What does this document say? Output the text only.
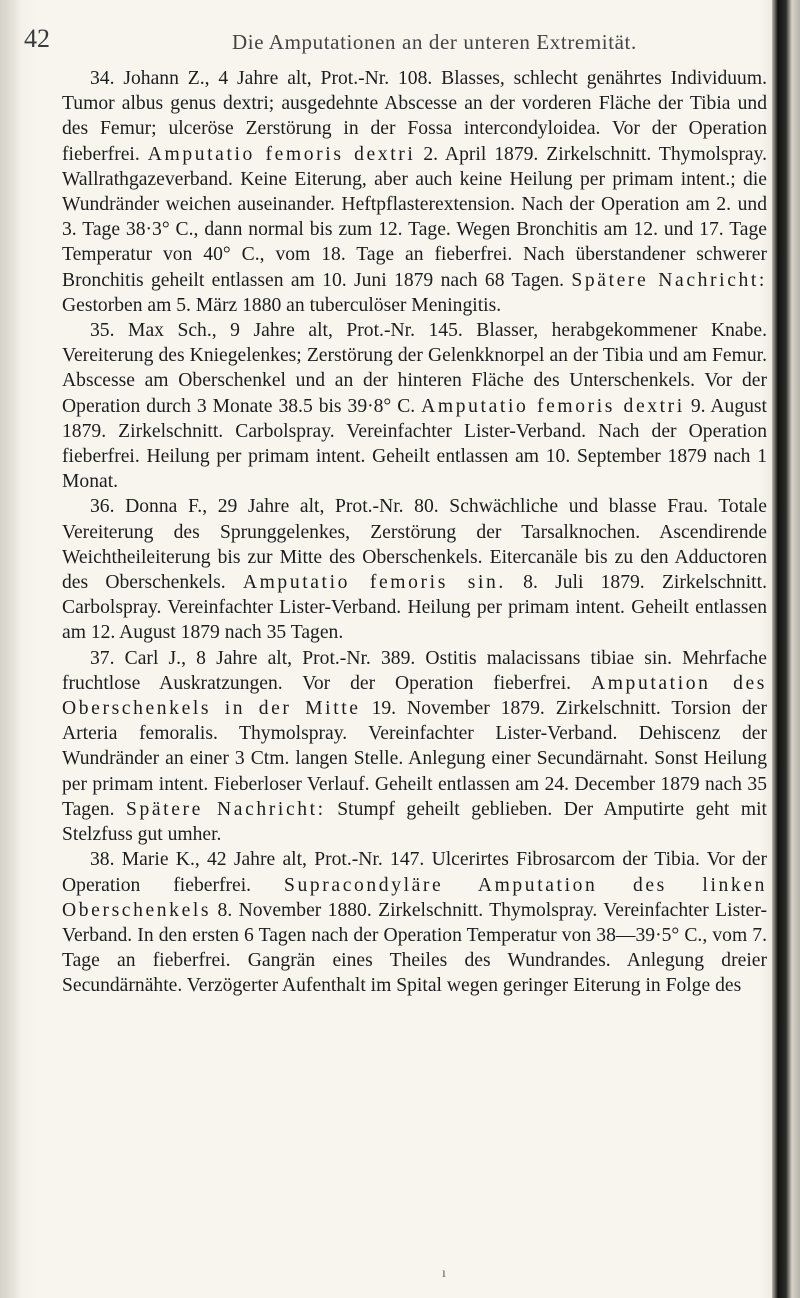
42	Die Amputationen an der unteren Extremität.

34. Johann Z., 4 Jahre alt, Prot.-Nr. 108. Blasses, schlecht genährtes Individuum. Tumor albus genus dextri; ausgedehnte Abscesse an der vorderen Fläche der Tibia und des Femur; ulceröse Zerstörung in der Fossa intercondyloidea. Vor der Operation fieberfrei. Amputatio femoris dextri 2. April 1879. Zirkelschnitt. Thymolspray. Wallrathgazeverband. Keine Eiterung, aber auch keine Heilung per primam intent.; die Wundränder weichen auseinander. Heftpflasterextension. Nach der Operation am 2. und 3. Tage 38·3° C., dann normal bis zum 12. Tage. Wegen Bronchitis am 12. und 17. Tage Temperatur von 40° C., vom 18. Tage an fieberfrei. Nach überstandener schwerer Bronchitis geheilt entlassen am 10. Juni 1879 nach 68 Tagen. Spätere Nachricht: Gestorben am 5. März 1880 an tuberculöser Meningitis.

35. Max Sch., 9 Jahre alt, Prot.-Nr. 145. Blasser, herabgekommener Knabe. Vereiterung des Kniegelenkes; Zerstörung der Gelenkknorpel an der Tibia und am Femur. Abscesse am Oberschenkel und an der hinteren Fläche des Unterschenkels. Vor der Operation durch 3 Monate 38.5 bis 39·8° C. Amputatio femoris dextri 9. August 1879. Zirkelschnitt. Carbolspray. Vereinfachter Lister-Verband. Nach der Operation fieberfrei. Heilung per primam intent. Geheilt entlassen am 10. September 1879 nach 1 Monat.

36. Donna F., 29 Jahre alt, Prot.-Nr. 80. Schwächliche und blasse Frau. Totale Vereiterung des Sprunggelenkes, Zerstörung der Tarsalknochen. Ascendirende Weichtheileiterung bis zur Mitte des Oberschenkels. Eitercanäle bis zu den Adductoren des Oberschenkels. Amputatio femoris sin. 8. Juli 1879. Zirkelschnitt. Carbolspray. Vereinfachter Lister-Verband. Heilung per primam intent. Geheilt entlassen am 12. August 1879 nach 35 Tagen.

37. Carl J., 8 Jahre alt, Prot.-Nr. 389. Ostitis malacissans tibiae sin. Mehrfache fruchtlose Auskratzungen. Vor der Operation fieberfrei. Amputation des Oberschenkels in der Mitte 19. November 1879. Zirkelschnitt. Torsion der Arteria femoralis. Thymolspray. Vereinfachter Lister-Verband. Dehiscenz der Wundränder an einer 3 Ctm. langen Stelle. Anlegung einer Secundärnaht. Sonst Heilung per primam intent. Fieberloser Verlauf. Geheilt entlassen am 24. December 1879 nach 35 Tagen. Spätere Nachricht: Stumpf geheilt geblieben. Der Amputirte geht mit Stelzfuss gut umher.

38. Marie K., 42 Jahre alt, Prot.-Nr. 147. Ulcerirtes Fibrosarcom der Tibia. Vor der Operation fieberfrei. Supracondyläre Amputation des linken Oberschenkels 8. November 1880. Zirkelschnitt. Thymolspray. Vereinfachter Lister-Verband. In den ersten 6 Tagen nach der Operation Temperatur von 38—39·5° C., vom 7. Tage an fieberfrei. Gangrän eines Theiles des Wundrandes. Anlegung dreier Secundärnähte. Verzögerter Aufenthalt im Spital wegen geringer Eiterung in Folge des

ı
